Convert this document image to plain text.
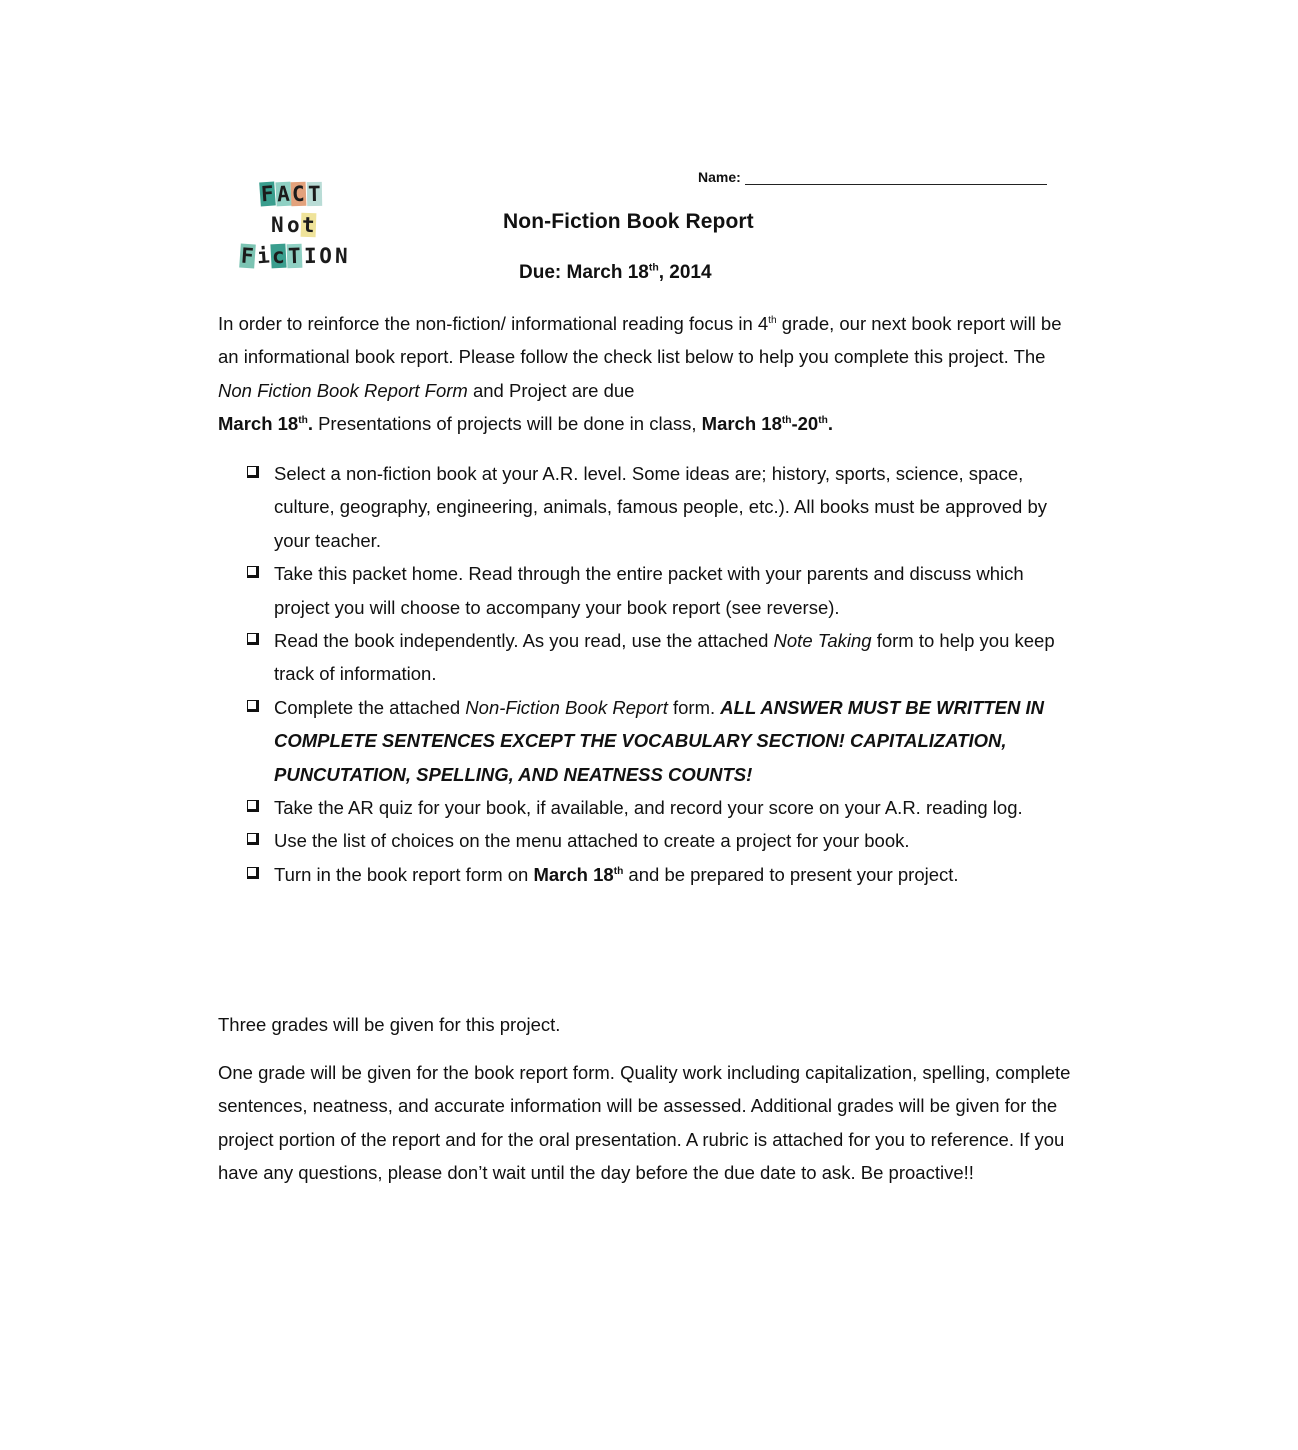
Name:
F A C T
N o t
F i c T I O N
Non-Fiction Book Report
Due: March 18th, 2014
In order to reinforce the non-fiction/ informational reading focus in 4th grade, our next book report will be an informational book report. Please follow the check list below to help you complete this project. The Non Fiction Book Report Form and Project are due
March 18th. Presentations of projects will be done in class, March 18th-20th.
Select a non-fiction book at your A.R. level. Some ideas are; history, sports, science, space, culture, geography, engineering, animals, famous people, etc.). All books must be approved by your teacher.
Take this packet home. Read through the entire packet with your parents and discuss which project you will choose to accompany your book report (see reverse).
Read the book independently. As you read, use the attached Note Taking form to help you keep track of information.
Complete the attached Non-Fiction Book Report form. ALL ANSWER MUST BE WRITTEN IN COMPLETE SENTENCES EXCEPT THE VOCABULARY SECTION! CAPITALIZATION, PUNCUTATION, SPELLING, AND NEATNESS COUNTS!
Take the AR quiz for your book, if available, and record your score on your A.R. reading log.
Use the list of choices on the menu attached to create a project for your book.
Turn in the book report form on March 18th and be prepared to present your project.
Three grades will be given for this project.
One grade will be given for the book report form. Quality work including capitalization, spelling, complete sentences, neatness, and accurate information will be assessed. Additional grades will be given for the project portion of the report and for the oral presentation. A rubric is attached for you to reference. If you have any questions, please don’t wait until the day before the due date to ask. Be proactive!!
